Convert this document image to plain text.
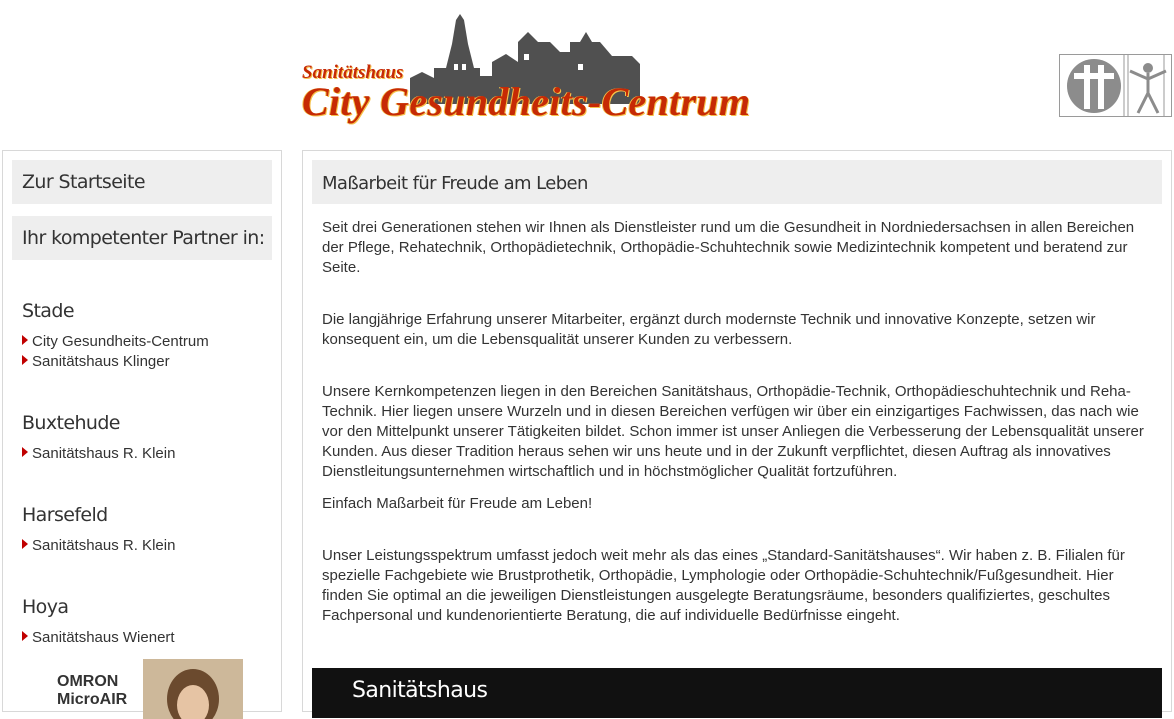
Sanitätshaus
City Gesundheits-Centrum
Zur Startseite
Ihr kompetenter Partner in:
Stade
City Gesundheits-Centrum
Sanitätshaus Klinger
Buxtehude
Sanitätshaus R. Klein
Harsefeld
Sanitätshaus R. Klein
Hoya
Sanitätshaus Wienert
OMRON
MicroAIR
Maßarbeit für Freude am Leben

Seit drei Generationen stehen wir Ihnen als Dienstleister rund um die Gesundheit in Nordniedersachsen in allen Bereichen der Pflege, Rehatechnik, Orthopädietechnik, Orthopädie-Schuhtechnik sowie Medizintechnik kompetent und beratend zur Seite.

Die langjährige Erfahrung unserer Mitarbeiter, ergänzt durch modernste Technik und innovative Konzepte, setzen wir konsequent ein, um die Lebensqualität unserer Kunden zu verbessern.

Unsere Kernkompetenzen liegen in den Bereichen Sanitätshaus, Orthopädie-Technik, Orthopädieschuhtechnik und Reha-Technik. Hier liegen unsere Wurzeln und in diesen Bereichen verfügen wir über ein einzigartiges Fachwissen, das nach wie vor den Mittelpunkt unserer Tätigkeiten bildet. Schon immer ist unser Anliegen die Verbesserung der Lebensqualität unserer Kunden. Aus dieser Tradition heraus sehen wir uns heute und in der Zukunft verpflichtet, diesen Auftrag als innovatives Dienstleitungsunternehmen wirtschaftlich und in höchstmöglicher Qualität fortzuführen.

Einfach Maßarbeit für Freude am Leben!

Unser Leistungsspektrum umfasst jedoch weit mehr als das eines „Standard-Sanitätshauses“. Wir haben z. B. Filialen für spezielle Fachgebiete wie Brustprothetik, Orthopädie, Lymphologie oder Orthopädie-Schuhtechnik/Fußgesundheit. Hier finden Sie optimal an die jeweiligen Dienstleistungen ausgelegte Beratungsräume, besonders qualifiziertes, geschultes Fachpersonal und kundenorientierte Beratung, die auf individuelle Bedürfnisse eingeht.

Sanitätshaus
